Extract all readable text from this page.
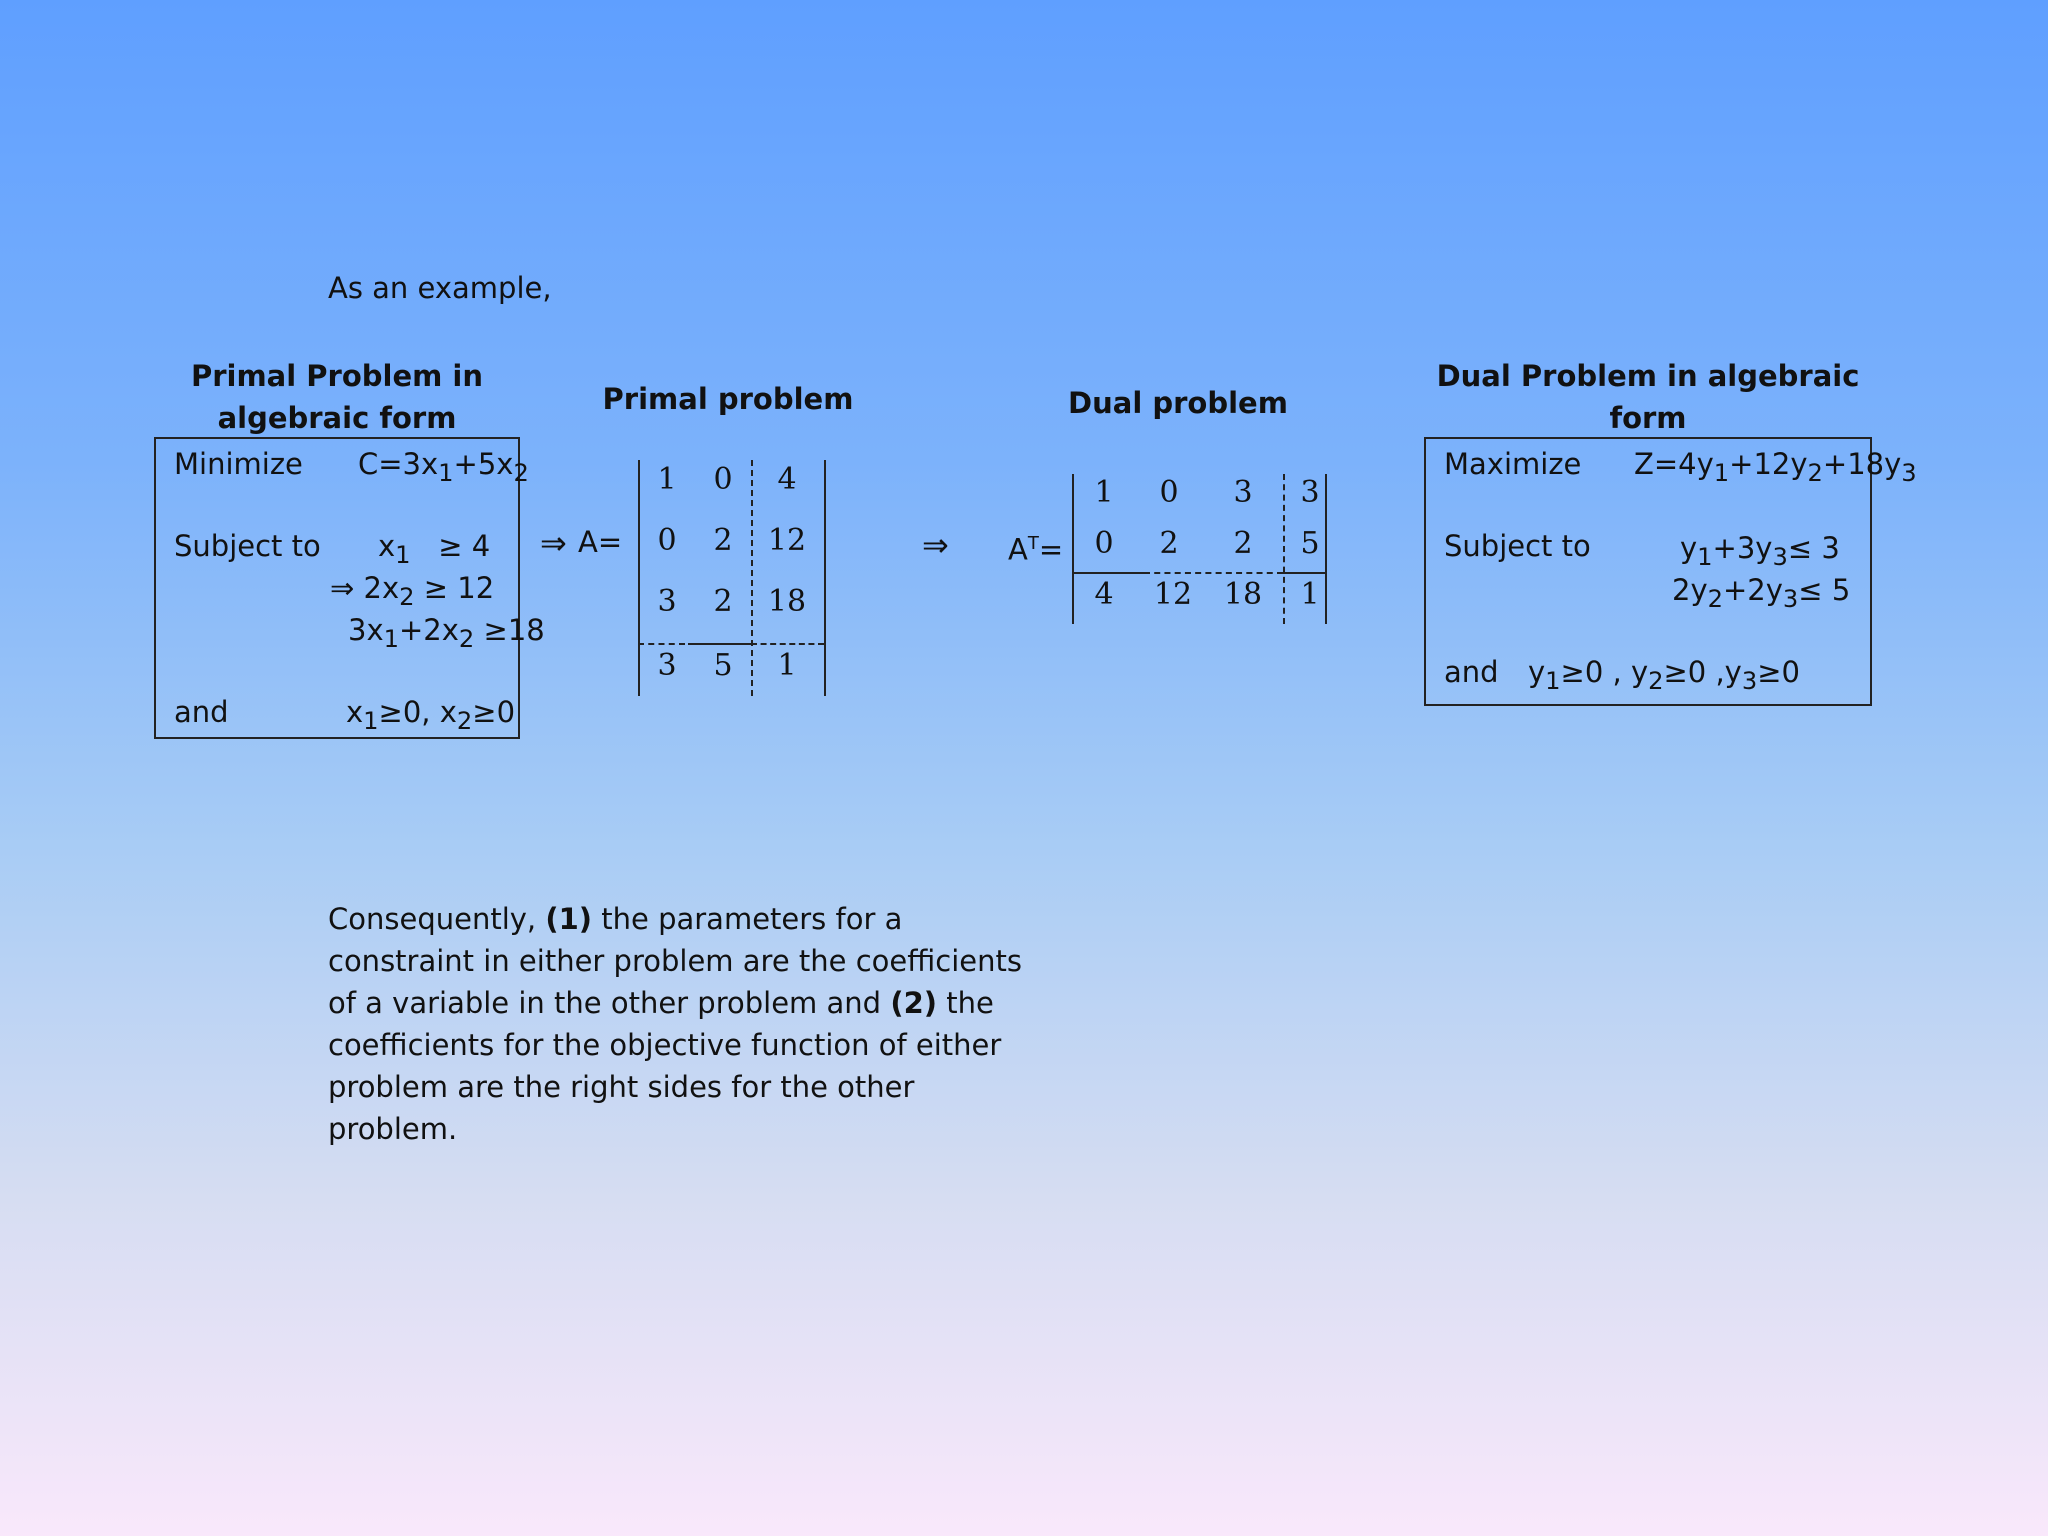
As an example,
Primal Problem in
algebraic form
Minimize $C=3x_1+5x_2$
Subject to $x_1 \ge 4$
⇒ $2x_2 \ge 12$
$3x_1+2x_2 \ge 18$
and	$x_1\ge 0$, $x_2\ge 0$
Primal problem
⇒ A=
1	0	4
0	2	12
3	2	18
3	5	1
Dual problem
⇒ $A^T=$
1	0	3	3
0	2	2	5
4	12	18	1
Dual Problem in algebraic
form
Maximize $Z=4y_1+12y_2+18y_3$
Subject to	$y_1+3y_3\le 3$
$2y_2+2y_3\le 5$
and $y_1\ge 0$ , $y_2\ge 0$ $,y_3\ge 0$
Consequently, (1) the parameters for a constraint in either problem are the coefficients of a variable in the other problem and (2) the coefficients for the objective function of either problem are the right sides for the other problem.
